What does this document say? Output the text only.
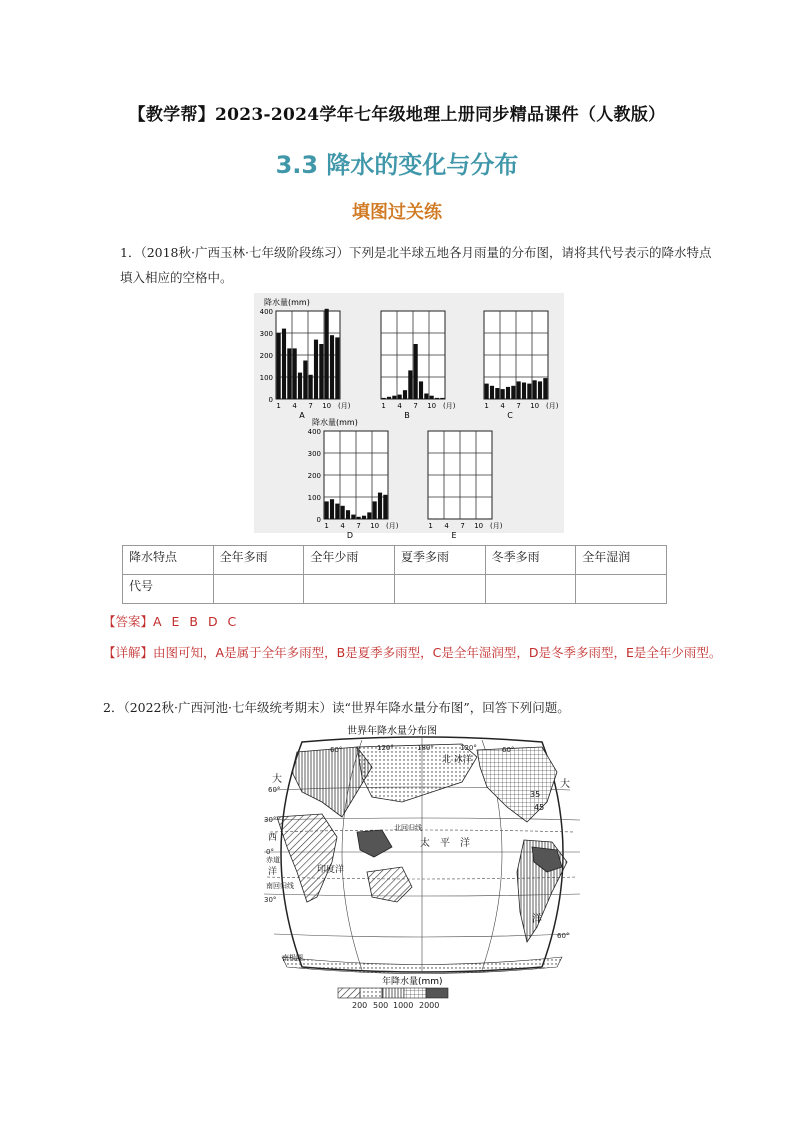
【教学帮】2023-2024学年七年级地理上册同步精品课件（人教版）
3.3 降水的变化与分布
填图过关练
1．（2018秋·广西玉林·七年级阶段练习）下列是北半球五地各月雨量的分布图，请将其代号表示的降水特点填入相应的空格中。
降水量(mm)
0
100
200
300
400
1 4 7 10 (月)
A
1 4 7 10 (月)
B
1 4 7 10 (月)
C
降水量(mm)
0
100
200
300
400
1 4 7 10 (月)
D
1 4 7 10 (月)
E
降水特点	全年多雨	全年少雨	夏季多雨	冬季多雨	全年湿润
代号					
【答案】A E B D C
【详解】由图可知，A是属于全年多雨型，B是夏季多雨型，C是全年湿润型，D是冬季多雨型，E是全年少雨型。
2．（2022秋·广西河池·七年级统考期末）读“世界年降水量分布图”，回答下列问题。
世界年降水量分布图
北 冰洋
北回归线
太　平　洋
印度洋
西
赤道
洋
南回归线
南极圈
大	大
洋
35
45
60°	120°	180°	120°	60°
60°
30°
0°
30°
60°
年降水量(mm)
200 500 1000 2000
